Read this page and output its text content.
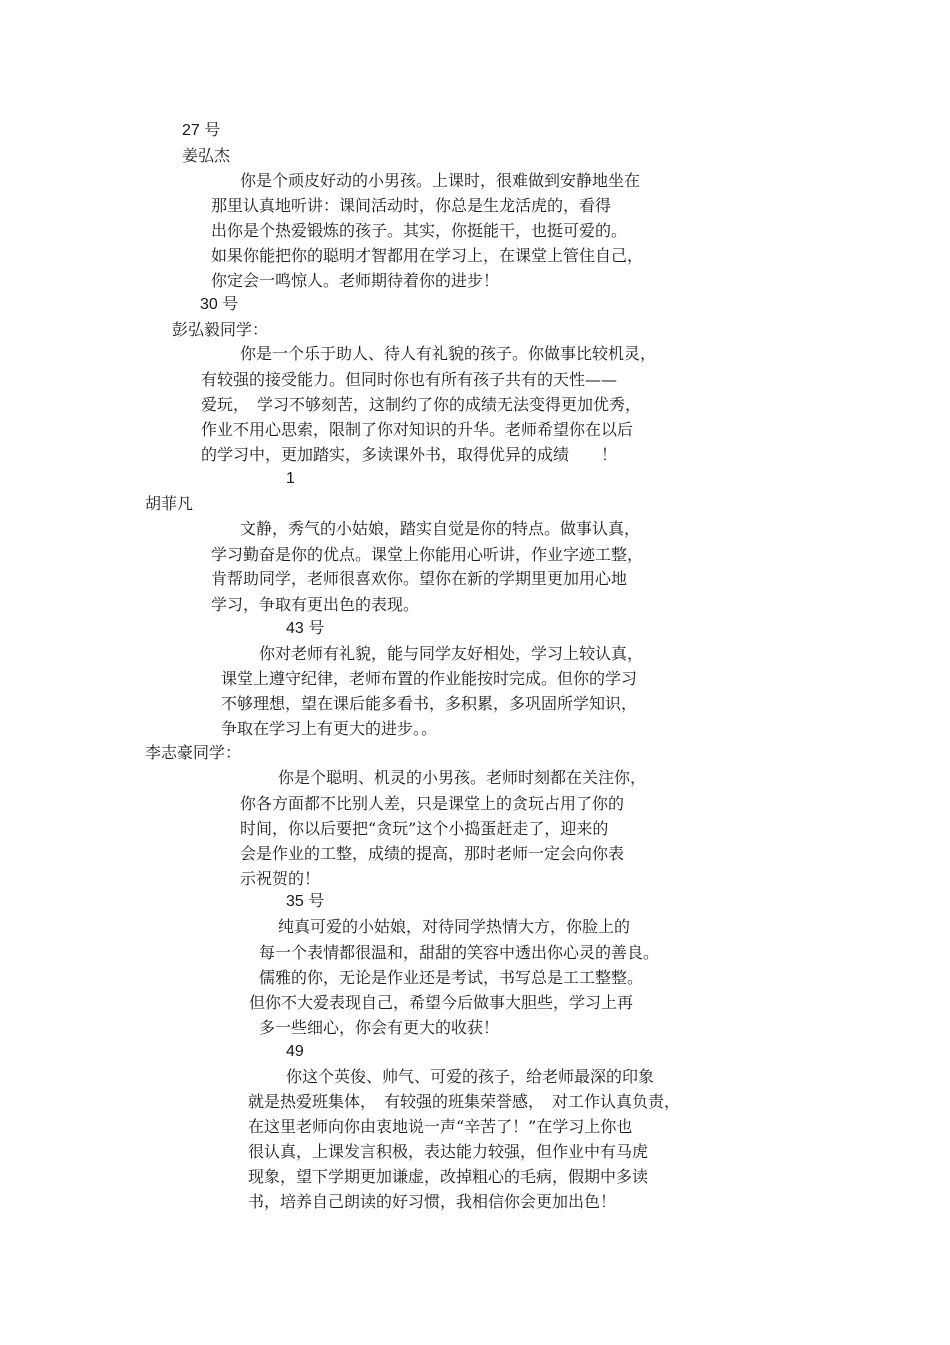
27 号
姜弘杰
你是个顽皮好动的小男孩。上课时，很难做到安静地坐在
那里认真地听讲：课间活动时，你总是生龙活虎的，看得
出你是个热爱锻炼的孩子。其实，你挺能干，也挺可爱的。
如果你能把你的聪明才智都用在学习上，在课堂上管住自己，
你定会一鸣惊人。老师期待着你的进步！
30 号
彭弘毅同学：
你是一个乐于助人、待人有礼貌的孩子。你做事比较机灵，
有较强的接受能力。但同时你也有所有孩子共有的天性——
爱玩，　学习不够刻苦，这制约了你的成绩无法变得更加优秀，
作业不用心思索，限制了你对知识的升华。老师希望你在以后
的学习中，更加踏实，多读课外书，取得优异的成绩　　！
1
胡菲凡
文静，秀气的小姑娘，踏实自觉是你的特点。做事认真，
学习勤奋是你的优点。课堂上你能用心听讲，作业字迹工整，
肯帮助同学，老师很喜欢你。望你在新的学期里更加用心地
学习，争取有更出色的表现。
43 号
你对老师有礼貌，能与同学友好相处，学习上较认真，
课堂上遵守纪律，老师布置的作业能按时完成。但你的学习
不够理想，望在课后能多看书，多积累，多巩固所学知识，
争取在学习上有更大的进步。。
李志豪同学：
你是个聪明、机灵的小男孩。老师时刻都在关注你，
你各方面都不比别人差，只是课堂上的贪玩占用了你的
时间，你以后要把“贪玩”这个小捣蛋赶走了，迎来的
会是作业的工整，成绩的提高，那时老师一定会向你表
示祝贺的！
35 号
纯真可爱的小姑娘，对待同学热情大方，你脸上的
每一个表情都很温和，甜甜的笑容中透出你心灵的善良。
儒雅的你，无论是作业还是考试，书写总是工工整整。
但你不大爱表现自己，希望今后做事大胆些，学习上再
多一些细心，你会有更大的收获！
49
你这个英俊、帅气、可爱的孩子，给老师最深的印象
就是热爱班集体，　有较强的班集荣誉感，　对工作认真负责，
在这里老师向你由衷地说一声“辛苦了！”在学习上你也
很认真，上课发言积极，表达能力较强，但作业中有马虎
现象，望下学期更加谦虚，改掉粗心的毛病，假期中多读
书，培养自己朗读的好习惯，我相信你会更加出色！
